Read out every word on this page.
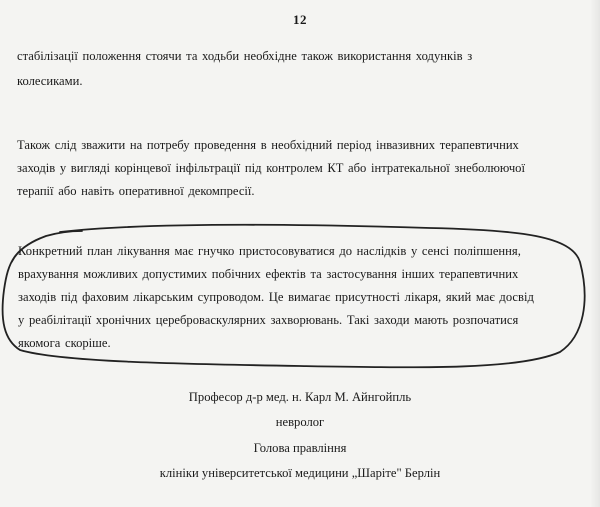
12
стабілізації положення стоячи та ходьби необхідне також використання ходунків з
колесиками.
Також слід зважити на потребу проведення в необхідний період інвазивних терапевтичних
заходів у вигляді корінцевої інфільтрації під контролем КТ або інтратекальної знеболюючої
терапії або навіть оперативної декомпресії.
Конкретний план лікування має гнучко пристосовуватися до наслідків у сенсі поліпшення,
врахування можливих допустимих побічних ефектів та застосування інших терапевтичних
заходів під фаховим лікарським супроводом. Це вимагає присутності лікаря, який має досвід
у реабілітації хронічних цереброваскулярних захворювань. Такі заходи мають розпочатися
якомога скоріше.
Професор д-р мед. н. Карл М. Айнгойпль
невролог
Голова правління
клініки університетської медицини „Шаріте" Берлін
